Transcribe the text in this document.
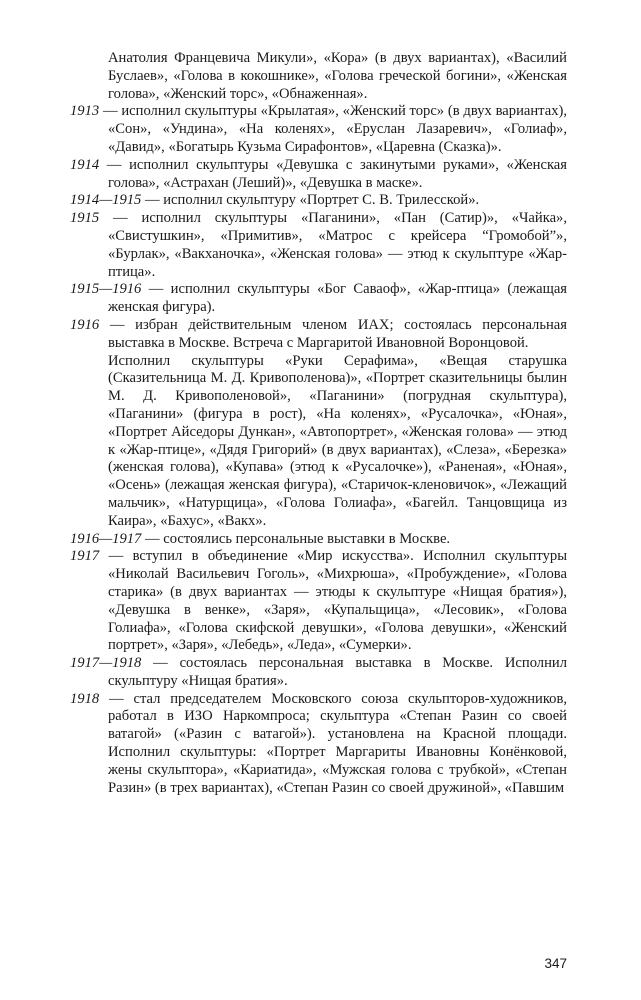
Анатолия Францевича Микули», «Кора» (в двух вариантах), «Василий Буслаев», «Голова в кокошнике», «Голова греческой богини», «Женская голова», «Женский торс», «Обнаженная».
1913 — исполнил скульптуры «Крылатая», «Женский торс» (в двух вариантах), «Сон», «Ундина», «На коленях», «Еруслан Лазаревич», «Голиаф», «Давид», «Богатырь Кузьма Сирафонтов», «Царевна (Сказка)».
1914 — исполнил скульптуры «Девушка с закинутыми руками», «Женская голова», «Астрахан (Леший)», «Девушка в маске».
1914—1915 — исполнил скульптуру «Портрет С. В. Трилесской».
1915 — исполнил скульптуры «Паганини», «Пан (Сатир)», «Чайка», «Свистушкин», «Примитив», «Матрос с крейсера “Громобой”», «Бурлак», «Вакханочка», «Женская голова» — этюд к скульптуре «Жар-птица».
1915—1916 — исполнил скульптуры «Бог Саваоф», «Жар-птица» (лежащая женская фигура).
1916 — избран действительным членом ИАХ; состоялась персональная выставка в Москве. Встреча с Маргаритой Ивановной Воронцовой.
Исполнил скульптуры «Руки Серафима», «Вещая старушка (Сказительница М. Д. Кривополенова)», «Портрет сказительницы былин М. Д. Кривополеновой», «Паганини» (погрудная скульптура), «Паганини» (фигура в рост), «На коленях», «Русалочка», «Юная», «Портрет Айседоры Дункан», «Автопортрет», «Женская голова» — этюд к «Жар-птице», «Дядя Григорий» (в двух вариантах), «Слеза», «Березка» (женская голова), «Купава» (этюд к «Русалочке»), «Раненая», «Юная», «Осень» (лежащая женская фигура), «Старичок-кленовичок», «Лежащий мальчик», «Натурщица», «Голова Голиафа», «Багейл. Танцовщица из Каира», «Бахус», «Вакх».
1916—1917 — состоялись персональные выставки в Москве.
1917 — вступил в объединение «Мир искусства». Исполнил скульптуры «Николай Васильевич Гоголь», «Михрюша», «Пробуждение», «Голова старика» (в двух вариантах — этюды к скульптуре «Нищая братия»), «Девушка в венке», «Заря», «Купальщица», «Лесовик», «Голова Голиафа», «Голова скифской девушки», «Голова девушки», «Женский портрет», «Заря», «Лебедь», «Леда», «Сумерки».
1917—1918 — состоялась персональная выставка в Москве. Исполнил скульптуру «Нищая братия».
1918 — стал председателем Московского союза скульпторов-художников, работал в ИЗО Наркомпроса; скульптура «Степан Разин со своей ватагой» («Разин с ватагой»). установлена на Красной площади. Исполнил скульптуры: «Портрет Маргариты Ивановны Конёнковой, жены скульптора», «Кариатида», «Мужская голова с трубкой», «Степан Разин» (в трех вариантах), «Степан Разин со своей дружиной», «Павшим
347
